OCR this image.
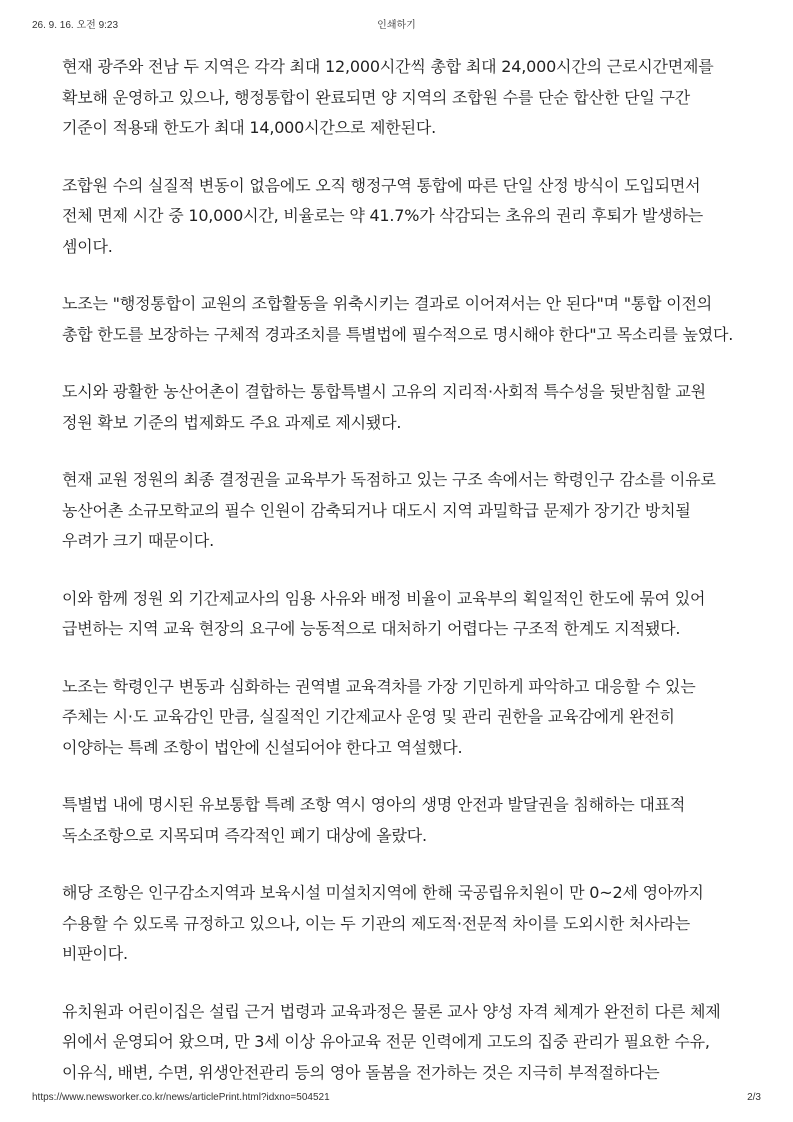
26. 9. 16. 오전 9:23	인쇄하기

현재 광주와 전남 두 지역은 각각 최대 12,000시간씩 총합 최대 24,000시간의 근로시간면제를 확보해 운영하고 있으나, 행정통합이 완료되면 양 지역의 조합원 수를 단순 합산한 단일 구간 기준이 적용돼 한도가 최대 14,000시간으로 제한된다.

조합원 수의 실질적 변동이 없음에도 오직 행정구역 통합에 따른 단일 산정 방식이 도입되면서 전체 면제 시간 중 10,000시간, 비율로는 약 41.7%가 삭감되는 초유의 권리 후퇴가 발생하는 셈이다.

노조는 "행정통합이 교원의 조합활동을 위축시키는 결과로 이어져서는 안 된다"며 "통합 이전의 총합 한도를 보장하는 구체적 경과조치를 특별법에 필수적으로 명시해야 한다"고 목소리를 높였다.

도시와 광활한 농산어촌이 결합하는 통합특별시 고유의 지리적·사회적 특수성을 뒷받침할 교원 정원 확보 기준의 법제화도 주요 과제로 제시됐다.

현재 교원 정원의 최종 결정권을 교육부가 독점하고 있는 구조 속에서는 학령인구 감소를 이유로 농산어촌 소규모학교의 필수 인원이 감축되거나 대도시 지역 과밀학급 문제가 장기간 방치될 우려가 크기 때문이다.

이와 함께 정원 외 기간제교사의 임용 사유와 배정 비율이 교육부의 획일적인 한도에 묶여 있어 급변하는 지역 교육 현장의 요구에 능동적으로 대처하기 어렵다는 구조적 한계도 지적됐다.

노조는 학령인구 변동과 심화하는 권역별 교육격차를 가장 기민하게 파악하고 대응할 수 있는 주체는 시·도 교육감인 만큼, 실질적인 기간제교사 운영 및 관리 권한을 교육감에게 완전히 이양하는 특례 조항이 법안에 신설되어야 한다고 역설했다.

특별법 내에 명시된 유보통합 특례 조항 역시 영아의 생명 안전과 발달권을 침해하는 대표적 독소조항으로 지목되며 즉각적인 폐기 대상에 올랐다.

해당 조항은 인구감소지역과 보육시설 미설치지역에 한해 국공립유치원이 만 0~2세 영아까지 수용할 수 있도록 규정하고 있으나, 이는 두 기관의 제도적·전문적 차이를 도외시한 처사라는 비판이다.

유치원과 어린이집은 설립 근거 법령과 교육과정은 물론 교사 양성 자격 체계가 완전히 다른 체제 위에서 운영되어 왔으며, 만 3세 이상 유아교육 전문 인력에게 고도의 집중 관리가 필요한 수유, 이유식, 배변, 수면, 위생안전관리 등의 영아 돌봄을 전가하는 것은 지극히 부적절하다는

https://www.newsworker.co.kr/news/articlePrint.html?idxno=504521	2/3
